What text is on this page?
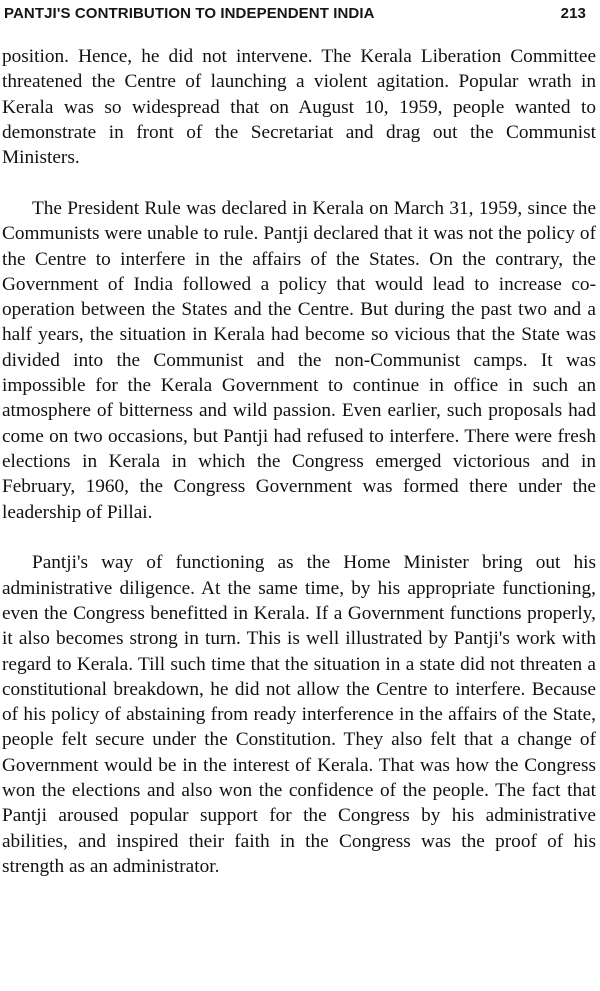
PANTJI'S CONTRIBUTION TO INDEPENDENT INDIA	213

position. Hence, he did not intervene. The Kerala Liberation Committee threatened the Centre of launching a violent agitation. Popular wrath in Kerala was so widespread that on August 10, 1959, people wanted to demonstrate in front of the Secretariat and drag out the Communist Ministers.

The President Rule was declared in Kerala on March 31, 1959, since the Communists were unable to rule. Pantji declared that it was not the policy of the Centre to interfere in the affairs of the States. On the contrary, the Government of India followed a policy that would lead to increase co-operation between the States and the Centre. But during the past two and a half years, the situation in Kerala had become so vicious that the State was divided into the Communist and the non-Communist camps. It was impossible for the Kerala Government to continue in office in such an atmosphere of bitterness and wild passion. Even earlier, such proposals had come on two occasions, but Pantji had refused to interfere. There were fresh elections in Kerala in which the Congress emerged victorious and in February, 1960, the Congress Government was formed there under the leadership of Pillai.

Pantji's way of functioning as the Home Minister bring out his administrative diligence. At the same time, by his appropriate functioning, even the Congress benefitted in Kerala. If a Government functions properly, it also becomes strong in turn. This is well illustrated by Pantji's work with regard to Kerala. Till such time that the situation in a state did not threaten a constitutional breakdown, he did not allow the Centre to interfere. Because of his policy of abstaining from ready interference in the affairs of the State, people felt secure under the Constitution. They also felt that a change of Government would be in the interest of Kerala. That was how the Congress won the elections and also won the confidence of the people. The fact that Pantji aroused popular support for the Congress by his administrative abilities, and inspired their faith in the Congress was the proof of his strength as an administrator.
